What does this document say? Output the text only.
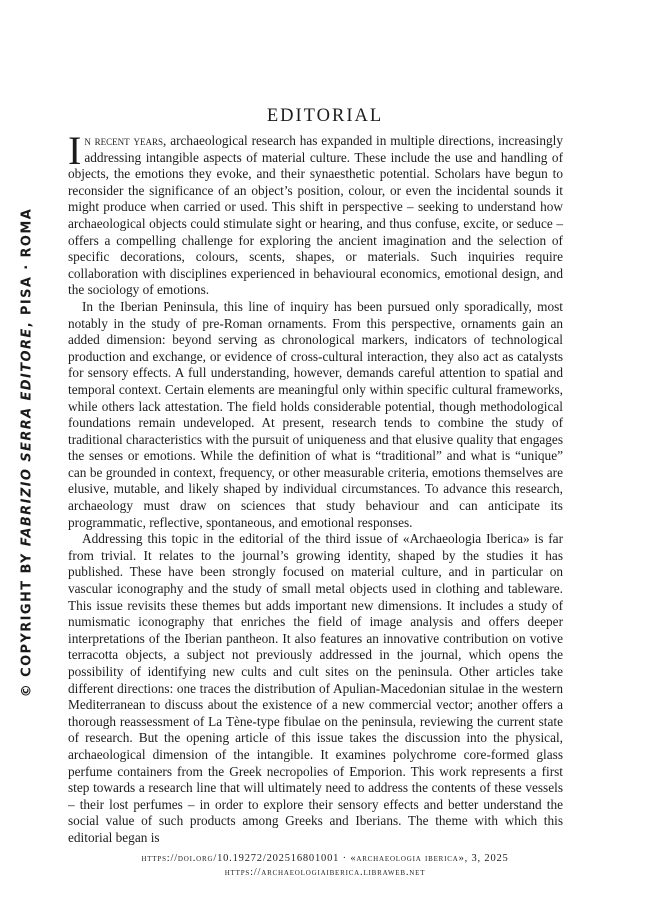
© COPYRIGHT BY FABRIZIO SERRA EDITORE, PISA · ROMA
EDITORIAL

In recent years, archaeological research has expanded in multiple directions, increasingly addressing intangible aspects of material culture. These include the use and handling of objects, the emotions they evoke, and their synaesthetic potential. Scholars have begun to reconsider the significance of an object’s position, colour, or even the incidental sounds it might produce when carried or used. This shift in perspective – seeking to understand how archaeological objects could stimulate sight or hearing, and thus confuse, excite, or seduce – offers a compelling challenge for exploring the ancient imagination and the selection of specific decorations, colours, scents, shapes, or materials. Such inquiries require collaboration with disciplines experienced in behavioural economics, emotional design, and the sociology of emotions.

In the Iberian Peninsula, this line of inquiry has been pursued only sporadically, most notably in the study of pre-Roman ornaments. From this perspective, ornaments gain an added dimension: beyond serving as chronological markers, indicators of technological production and exchange, or evidence of cross-cultural interaction, they also act as catalysts for sensory effects. A full understanding, however, demands careful attention to spatial and temporal context. Certain elements are meaningful only within specific cultural frameworks, while others lack attestation. The field holds considerable potential, though methodological foundations remain undeveloped. At present, research tends to combine the study of traditional characteristics with the pursuit of uniqueness and that elusive quality that engages the senses or emotions. While the definition of what is “traditional” and what is “unique” can be grounded in context, frequency, or other measurable criteria, emotions themselves are elusive, mutable, and likely shaped by individual circumstances. To advance this research, archaeology must draw on sciences that study behaviour and can anticipate its programmatic, reflective, spontaneous, and emotional responses.

Addressing this topic in the editorial of the third issue of «Archaeologia Iberica» is far from trivial. It relates to the journal’s growing identity, shaped by the studies it has published. These have been strongly focused on material culture, and in particular on vascular iconography and the study of small metal objects used in clothing and tableware. This issue revisits these themes but adds important new dimensions. It includes a study of numismatic iconography that enriches the field of image analysis and offers deeper interpretations of the Iberian pantheon. It also features an innovative contribution on votive terracotta objects, a subject not previously addressed in the journal, which opens the possibility of identifying new cults and cult sites on the peninsula. Other articles take different directions: one traces the distribution of Apulian-Macedonian situlae in the western Mediterranean to discuss about the existence of a new commercial vector; another offers a thorough reassessment of La Tène-type fibulae on the peninsula, reviewing the current state of research. But the opening article of this issue takes the discussion into the physical, archaeological dimension of the intangible. It examines polychrome core-formed glass perfume containers from the Greek necropolies of Emporion. This work represents a first step towards a research line that will ultimately need to address the contents of these vessels – their lost perfumes – in order to explore their sensory effects and better understand the social value of such products among Greeks and Iberians. The theme with which this editorial began is

https://doi.org/10.19272/202516801001 · «archaeologia iberica», 3, 2025
https://archaeologiaiberica.libraweb.net
